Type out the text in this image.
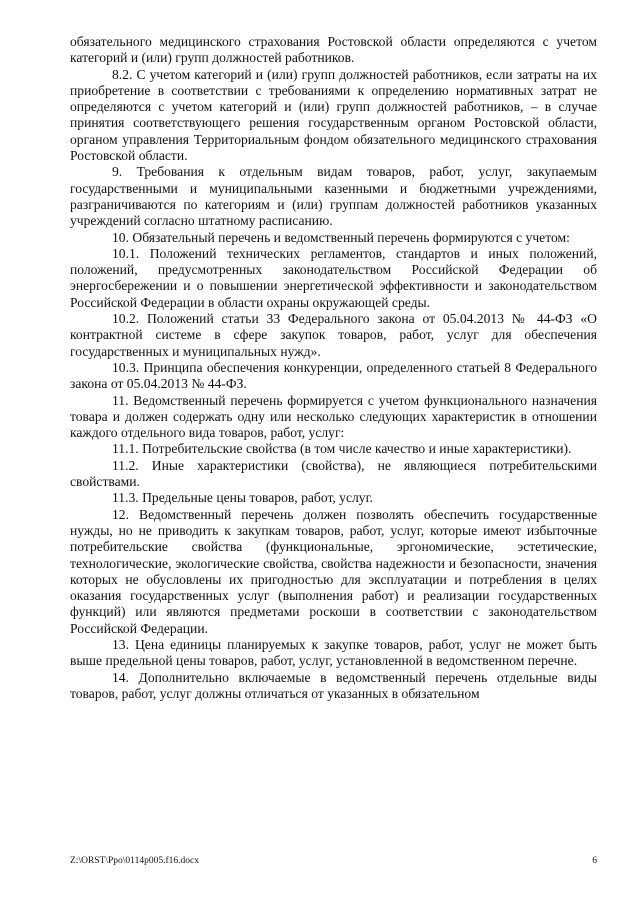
обязательного медицинского страхования Ростовской области определяются с учетом категорий и (или) групп должностей работников.

8.2. С учетом категорий и (или) групп должностей работников, если затраты на их приобретение в соответствии с требованиями к определению нормативных затрат не определяются с учетом категорий и (или) групп должностей работников, – в случае принятия соответствующего решения государственным органом Ростовской области, органом управления Территориальным фондом обязательного медицинского страхования Ростовской области.

9. Требования к отдельным видам товаров, работ, услуг, закупаемым государственными и муниципальными казенными и бюджетными учреждениями, разграничиваются по категориям и (или) группам должностей работников указанных учреждений согласно штатному расписанию.

10. Обязательный перечень и ведомственный перечень формируются с учетом:

10.1. Положений технических регламентов, стандартов и иных положений, положений, предусмотренных законодательством Российской Федерации об энергосбережении и о повышении энергетической эффективности и законодательством Российской Федерации в области охраны окружающей среды.

10.2. Положений статьи 33 Федерального закона от 05.04.2013 № 44-ФЗ «О контрактной системе в сфере закупок товаров, работ, услуг для обеспечения государственных и муниципальных нужд».

10.3. Принципа обеспечения конкуренции, определенного статьей 8 Федерального закона от 05.04.2013 № 44-ФЗ.

11. Ведомственный перечень формируется с учетом функционального назначения товара и должен содержать одну или несколько следующих характеристик в отношении каждого отдельного вида товаров, работ, услуг:

11.1. Потребительские свойства (в том числе качество и иные характеристики).

11.2. Иные характеристики (свойства), не являющиеся потребительскими свойствами.

11.3. Предельные цены товаров, работ, услуг.

12. Ведомственный перечень должен позволять обеспечить государственные нужды, но не приводить к закупкам товаров, работ, услуг, которые имеют избыточные потребительские свойства (функциональные, эргономические, эстетические, технологические, экологические свойства, свойства надежности и безопасности, значения которых не обусловлены их пригодностью для эксплуатации и потребления в целях оказания государственных услуг (выполнения работ) и реализации государственных функций) или являются предметами роскоши в соответствии с законодательством Российской Федерации.

13. Цена единицы планируемых к закупке товаров, работ, услуг не может быть выше предельной цены товаров, работ, услуг, установленной в ведомственном перечне.

14. Дополнительно включаемые в ведомственный перечень отдельные виды товаров, работ, услуг должны отличаться от указанных в обязательном

Z:\ORST\Ppo\0114p005.f16.docx	6
